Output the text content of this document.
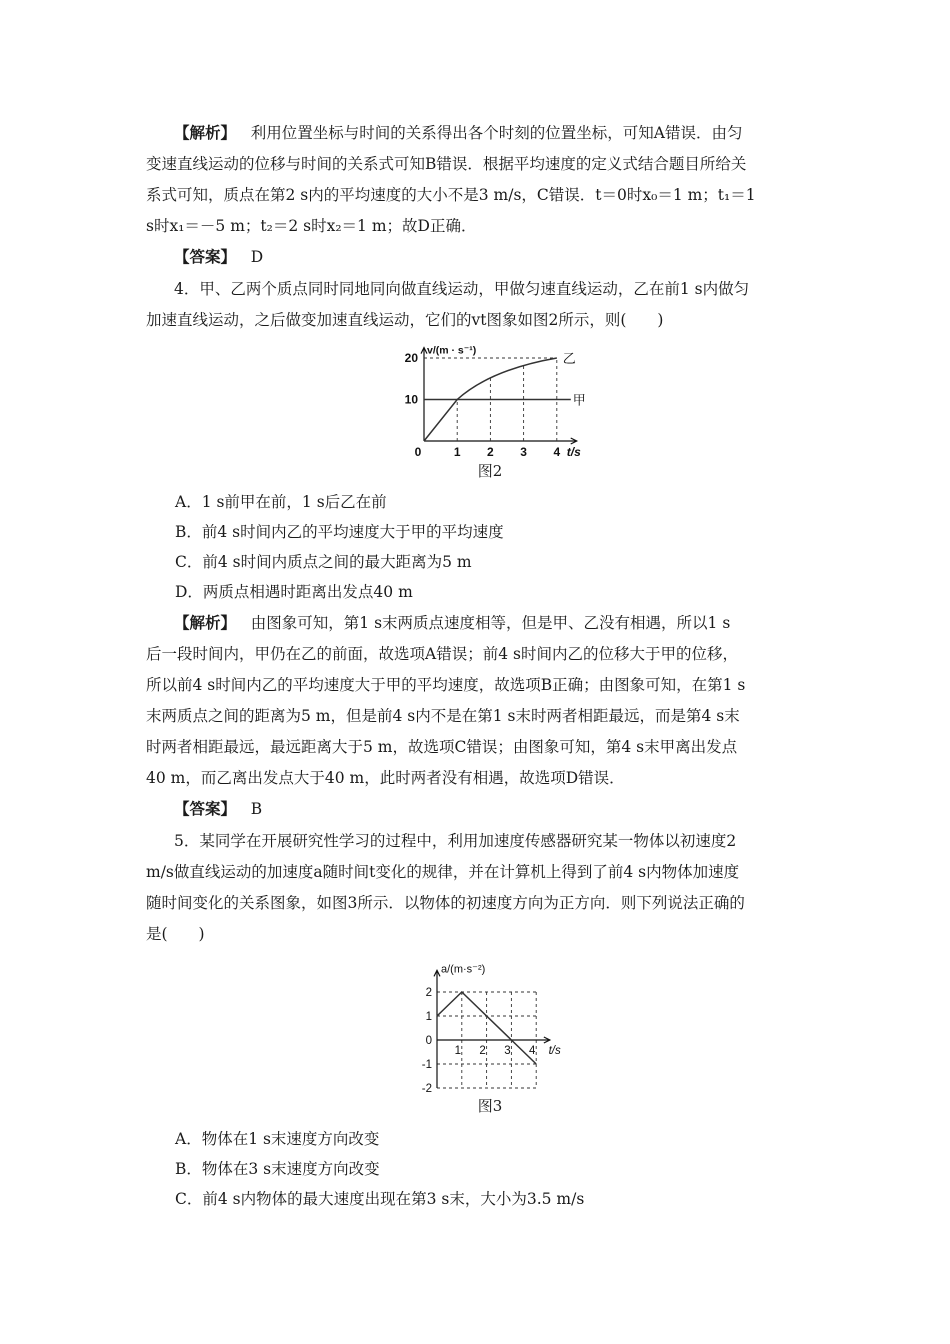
【解析】 利用位置坐标与时间的关系得出各个时刻的位置坐标，可知A错误．由匀
变速直线运动的位移与时间的关系式可知B错误．根据平均速度的定义式结合题目所给关
系式可知，质点在第2 s内的平均速度的大小不是3 m/s，C错误．t＝0时x₀＝1 m；t₁＝1
s时x₁＝－5 m；t₂＝2 s时x₂＝1 m；故D正确．
【答案】 D
4．甲、乙两个质点同时同地同向做直线运动，甲做匀速直线运动，乙在前1 s内做匀
加速直线运动，之后做变加速直线运动，它们的vt图象如图2所示，则(　　)
甲
乙
0	1 2 3 4
10
20
t/s
v/(m · s⁻¹)
图2
A．1 s前甲在前，1 s后乙在前
B．前4 s时间内乙的平均速度大于甲的平均速度
C．前4 s时间内质点之间的最大距离为5 m
D．两质点相遇时距离出发点40 m
【解析】 由图象可知，第1 s末两质点速度相等，但是甲、乙没有相遇，所以1 s
后一段时间内，甲仍在乙的前面，故选项A错误；前4 s时间内乙的位移大于甲的位移，
所以前4 s时间内乙的平均速度大于甲的平均速度，故选项B正确；由图象可知，在第1 s
末两质点之间的距离为5 m，但是前4 s内不是在第1 s末时两者相距最远，而是第4 s末
时两者相距最远，最远距离大于5 m，故选项C错误；由图象可知，第4 s末甲离出发点
40 m，而乙离出发点大于40 m，此时两者没有相遇，故选项D错误．
【答案】 B
5．某同学在开展研究性学习的过程中，利用加速度传感器研究某一物体以初速度2
m/s做直线运动的加速度a随时间t变化的规律，并在计算机上得到了前4 s内物体加速度
随时间变化的关系图象，如图3所示．以物体的初速度方向为正方向．则下列说法正确的
是(　　)
2
1
0
-1
-2
1 2 3 4 t/s
a/(m·s⁻²)
图3
A．物体在1 s末速度方向改变
B．物体在3 s末速度方向改变
C．前4 s内物体的最大速度出现在第3 s末，大小为3.5 m/s
